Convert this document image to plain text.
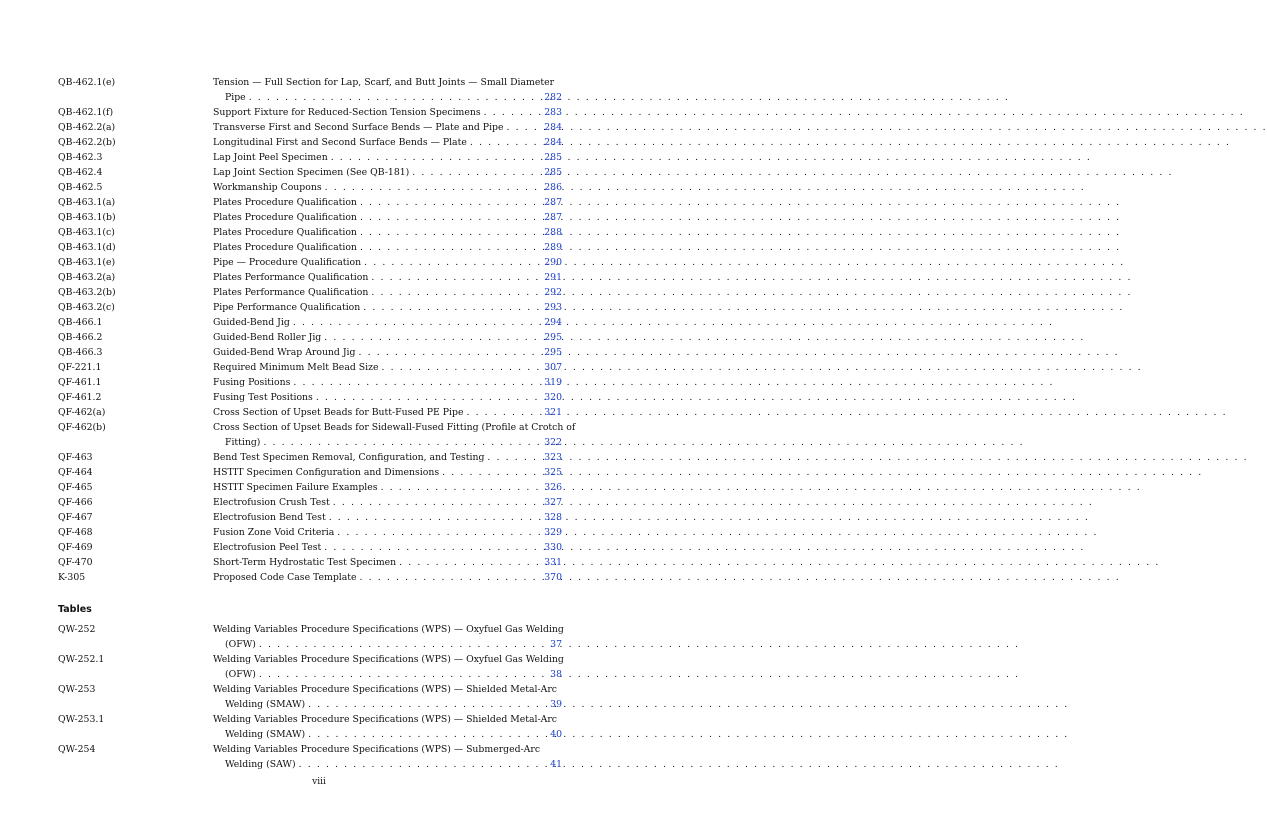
QB-462.1(e)	Tension — Full Section for Lap, Scarf, and Butt Joints — Small Diameter
Pipe . . .	282
QB-462.1(f)	Support Fixture for Reduced-Section Tension Specimens . . .	283
QB-462.2(a)	Transverse First and Second Surface Bends — Plate and Pipe . . .	284
QB-462.2(b)	Longitudinal First and Second Surface Bends — Plate . . .	284
QB-462.3	Lap Joint Peel Specimen . . .	285
QB-462.4	Lap Joint Section Specimen (See QB-181) . . .	285
QB-462.5	Workmanship Coupons . . .	286
QB-463.1(a)	Plates Procedure Qualification . . .	287
QB-463.1(b)	Plates Procedure Qualification . . .	287
QB-463.1(c)	Plates Procedure Qualification . . .	288
QB-463.1(d)	Plates Procedure Qualification . . .	289
QB-463.1(e)	Pipe — Procedure Qualification . . .	290
QB-463.2(a)	Plates Performance Qualification . . .	291
QB-463.2(b)	Plates Performance Qualification . . .	292
QB-463.2(c)	Pipe Performance Qualification . . .	293
QB-466.1	Guided-Bend Jig . . .	294
QB-466.2	Guided-Bend Roller Jig . . .	295
QB-466.3	Guided-Bend Wrap Around Jig . . .	295
QF-221.1	Required Minimum Melt Bead Size . . .	307
QF-461.1	Fusing Positions . . .	319
QF-461.2	Fusing Test Positions . . .	320
QF-462(a)	Cross Section of Upset Beads for Butt-Fused PE Pipe . . .	321
QF-462(b)	Cross Section of Upset Beads for Sidewall-Fused Fitting (Profile at Crotch of
Fitting) . . .	322
QF-463	Bend Test Specimen Removal, Configuration, and Testing . . .	323
QF-464	HSTIT Specimen Configuration and Dimensions . . .	325
QF-465	HSTIT Specimen Failure Examples . . .	326
QF-466	Electrofusion Crush Test . . .	327
QF-467	Electrofusion Bend Test . . .	328
QF-468	Fusion Zone Void Criteria . . .	329
QF-469	Electrofusion Peel Test . . .	330
QF-470	Short-Term Hydrostatic Test Specimen . . .	331
K-305	Proposed Code Case Template . . .	370
Tables
QW-252	Welding Variables Procedure Specifications (WPS) — Oxyfuel Gas Welding
(OFW) . . .	37
QW-252.1	Welding Variables Procedure Specifications (WPS) — Oxyfuel Gas Welding
(OFW) . . .	38
QW-253	Welding Variables Procedure Specifications (WPS) — Shielded Metal-Arc
Welding (SMAW) . . .	39
QW-253.1	Welding Variables Procedure Specifications (WPS) — Shielded Metal-Arc
Welding (SMAW) . . .	40
QW-254	Welding Variables Procedure Specifications (WPS) — Submerged-Arc
Welding (SAW) . . .	41
viii
